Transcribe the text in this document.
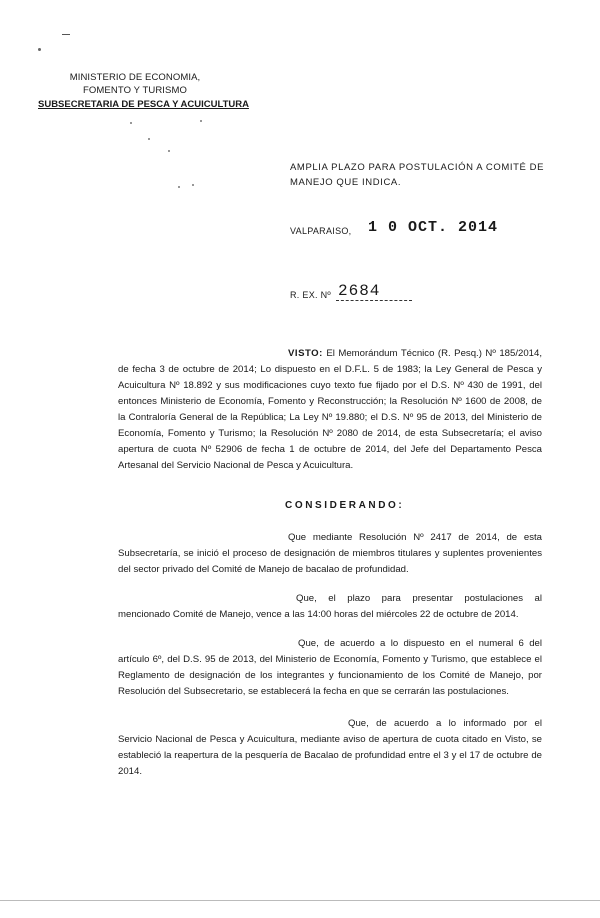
MINISTERIO DE ECONOMIA,
FOMENTO Y TURISMO
SUBSECRETARIA DE PESCA Y ACUICULTURA
AMPLIA PLAZO PARA POSTULACIÓN A COMITÉ DE MANEJO QUE INDICA.
VALPARAISO, 1 0 OCT. 2014
R. EX. Nº 2684
VISTO: El Memorándum Técnico (R. Pesq.) Nº 185/2014, de fecha 3 de octubre de 2014; Lo dispuesto en el D.F.L. 5 de 1983; la Ley General de Pesca y Acuicultura Nº 18.892 y sus modificaciones cuyo texto fue fijado por el D.S. Nº 430 de 1991, del entonces Ministerio de Economía, Fomento y Reconstrucción; la Resolución Nº 1600 de 2008, de la Contraloría General de la República; La Ley Nº 19.880; el D.S. Nº 95 de 2013, del Ministerio de Economía, Fomento y Turismo; la Resolución Nº 2080 de 2014, de esta Subsecretaría; el aviso apertura de cuota Nº 52906 de fecha 1 de octubre de 2014, del Jefe del Departamento Pesca Artesanal del Servicio Nacional de Pesca y Acuicultura.
CONSIDERANDO:
Que mediante Resolución Nº 2417 de 2014, de esta Subsecretaría, se inició el proceso de designación de miembros titulares y suplentes provenientes del sector privado del Comité de Manejo de bacalao de profundidad.
Que, el plazo para presentar postulaciones al mencionado Comité de Manejo, vence a las 14:00 horas del miércoles 22 de octubre de 2014.
Que, de acuerdo a lo dispuesto en el numeral 6 del artículo 6º, del D.S. 95 de 2013, del Ministerio de Economía, Fomento y Turismo, que establece el Reglamento de designación de los integrantes y funcionamiento de los Comité de Manejo, por Resolución del Subsecretario, se establecerá la fecha en que se cerrarán las postulaciones.
Que, de acuerdo a lo informado por el Servicio Nacional de Pesca y Acuicultura, mediante aviso de apertura de cuota citado en Visto, se estableció la reapertura de la pesquería de Bacalao de profundidad entre el 3 y el 17 de octubre de 2014.
